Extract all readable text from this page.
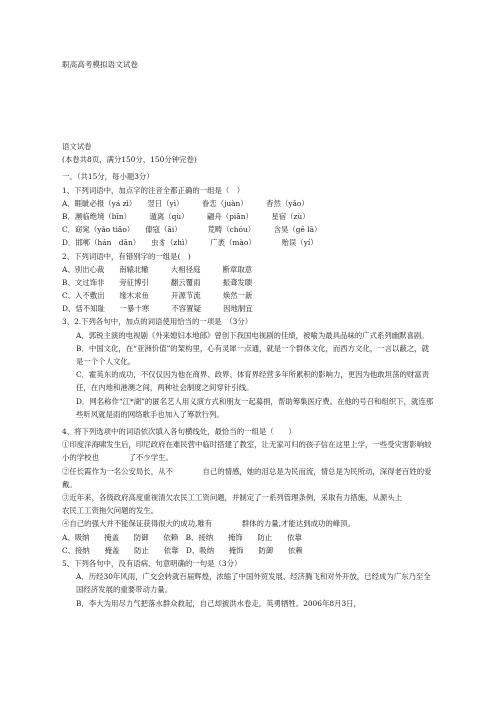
职高高考模拟语文试卷
语文试卷
(本卷共8页，满分150分，150分钟完卷)
一、（共15分，每小题3分）
1、下列词语中，加点字的注音全都正确的一组是（　）
A．睚眦必报（yá zì）　　翌日（yì）　　　眷恋（juàn）　　　杳然（yǎo）
B．濒临绝境（bīn）　　　遁离（qù）　　　翩舟（piān）　　　星宿（zù）
C．窈窕（yǎo tiǎo）　　傣寇（āi）　　　　荒畴（chóu）　　　含昊（gē lā）
D．邯郸（hán　dān）　　虫豸（zhì）　　　广袤（mào）　　　　贻误（yí）
2、下列词语中，有错别字的一组是(　)
A、别出心裁　　南辕北辙　　　大相径庭　　　断章取意
B、文过饰非　　旁征博引　　　翻云覆雨　　　振聋发聩
C、入不敷出　　缘木求鱼　　　开源节流　　　焕然一新
D、恬不知耻　　一暴十寒　　　不容置疑　　　因地制宜
3、2.下列各句中，加点的词语使用恰当的一项是　（3分）
A．郭锐主演的电视剧《外来媳妇本地郎》曾创下我国电视剧的佳绩，被喻为最具品味的广式系列幽默喜剧。
B．中国文化，在“亚洲价值”的架构里，心有灵犀一点通，就是一个群体文化，而西方文化，一言以蔽之，就是一个个人文化。
C．霍英东的成功，不仅仅因为他在商界、政界、体育界经营多年所累积的影响力，更因为他敢坦荡的财富责任，在内地和港澳之间，两种社会制度之间穿针引线。
D．网名称作“江*湖”的匿名艺人用义演方式和朋友一起募捐，帮助筹集医疗费。在他的号召和组织下，就连那些听风就是雨的网络歌手也加入了筹款行列。
4、将下列选项中的词语依次填入各句横线处，最恰当的一组是（　　）
①印度洋海啸发生后，印尼政府在难民营中临时搭建了教室，让无家可归的孩子信在这里上学，一些受灾害影响较小的学校也　　　　了不少学生。
②任长霞作为一名公安局长，从不　　　　自己的情感，她的泪总是为民而流，情总是为民所动，深得老百姓的爱戴。
③近年来，各级政府高度重视清欠农民工工资问题，并制定了一系列管理条例，采取有力措施，从源头上　　　　农民工工资拖欠问题的发生。
④自己的强大并不能保证获得很大的成功,唯有　　　　群体的力量,才能达到成功的峰顶。
A、吸纳　　掩盖　　防御　　依赖　B、接纳　　掩饰　　防止　　依靠
C、接纳　　掩盖　　防止　　依靠　D、吸纳　　掩饰　　防御　　依赖
5、下列各句中，没有语病、句意明确的一句是（3分）
A．历经30年风雨，广交会转就百届辉煌，浓缩了中国外贸发展、经济腾飞和对外开放，已经成为广东乃至全国经济发展的重要带动力量。
B．李大为用尽力气把落水群众救起，自己却被洪水卷走，英勇牺牲。2006年8月3日，
